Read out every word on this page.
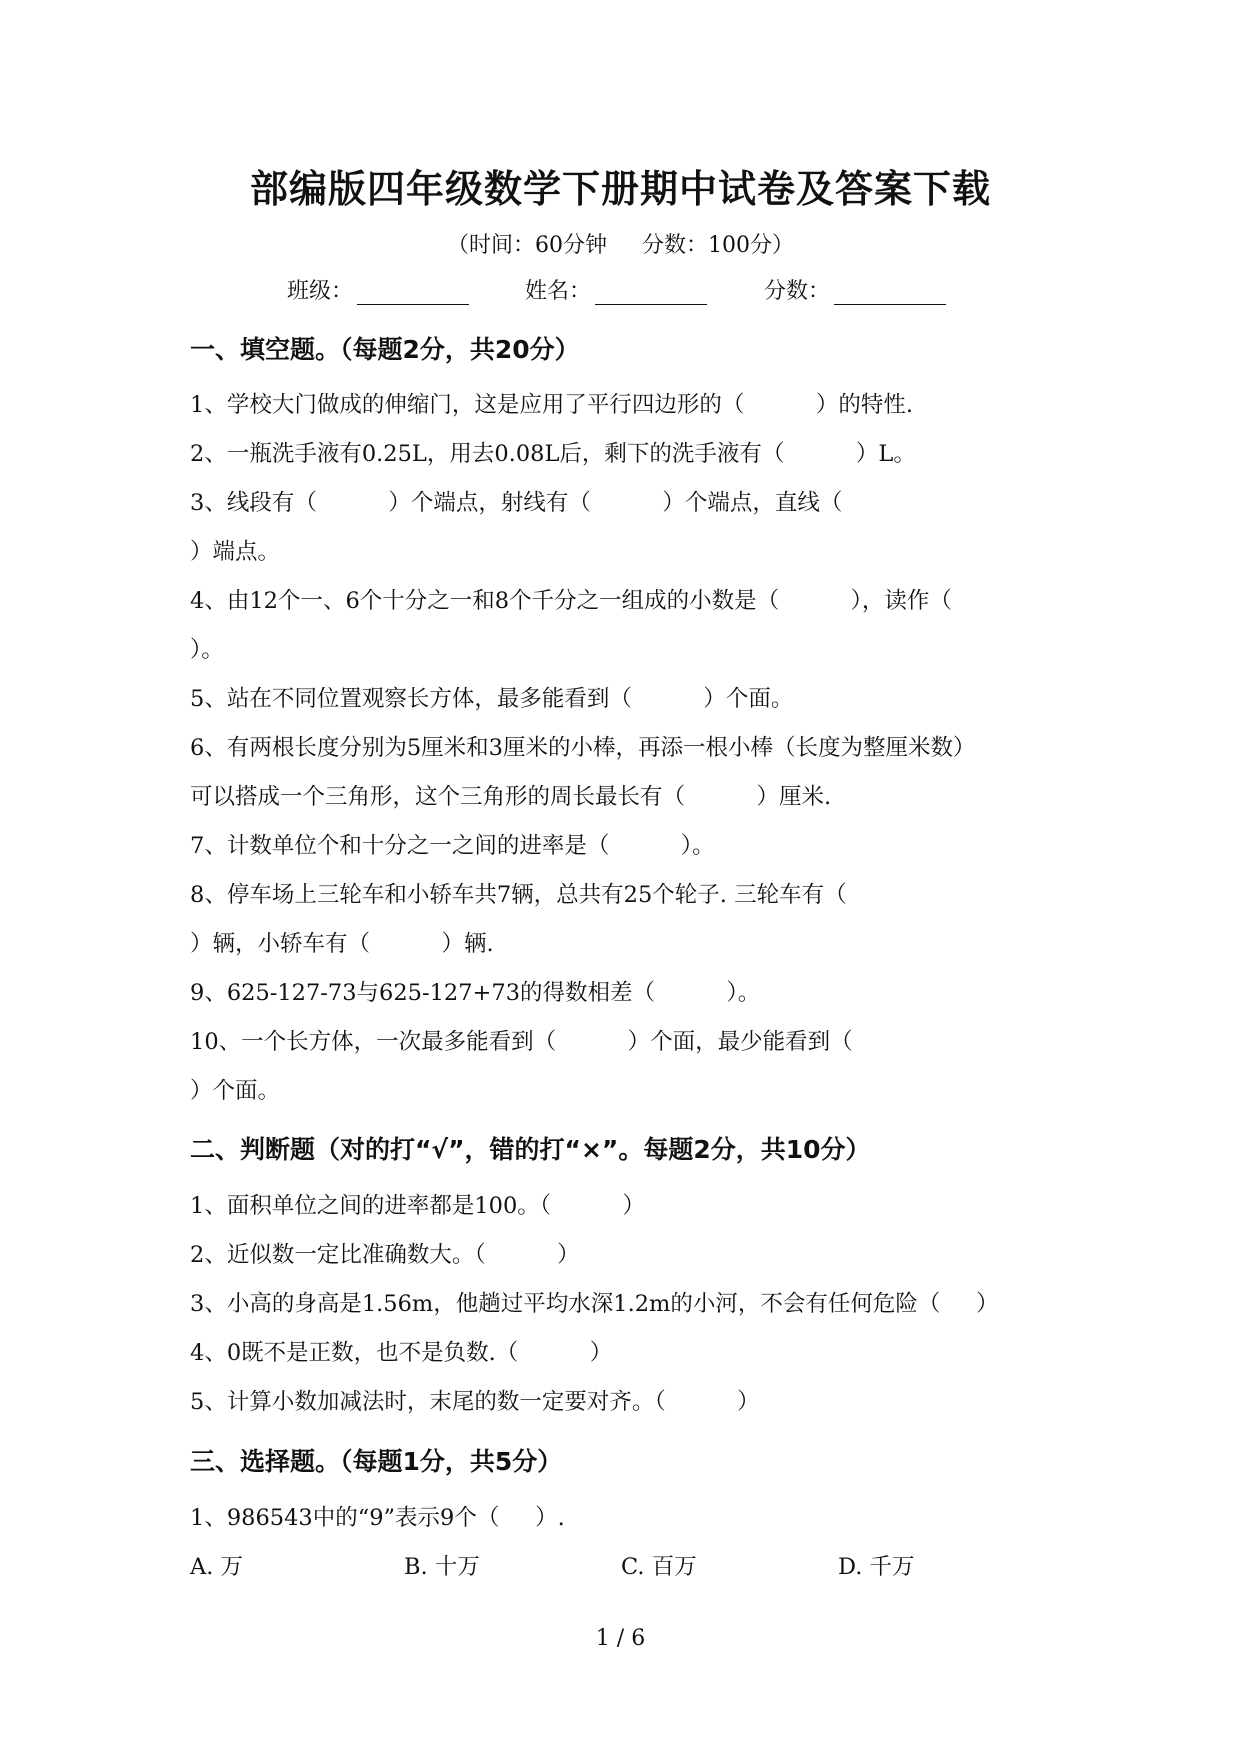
部编版四年级数学下册期中试卷及答案下载
（时间：60分钟     分数：100分）
班级：	姓名：	分数：
一、填空题。（每题2分，共20分）
1、学校大门做成的伸缩门，这是应用了平行四边形的（          ）的特性.
2、一瓶洗手液有0.25L，用去0.08L后，剩下的洗手液有（          ）L。
3、线段有（          ）个端点，射线有（          ）个端点，直线（
）端点。
4、由12个一、6个十分之一和8个千分之一组成的小数是（          ），读作（
）。
5、站在不同位置观察长方体，最多能看到（          ）个面。
6、有两根长度分别为5厘米和3厘米的小棒，再添一根小棒（长度为整厘米数）
可以搭成一个三角形，这个三角形的周长最长有（          ）厘米.
7、计数单位个和十分之一之间的进率是（          ）。
8、停车场上三轮车和小轿车共7辆，总共有25个轮子. 三轮车有（
）辆，小轿车有（          ）辆.
9、625-127-73与625-127+73的得数相差（          ）。
10、一个长方体，一次最多能看到（          ）个面，最少能看到（
）个面。
二、判断题（对的打“√”，错的打“×”。每题2分，共10分）
1、面积单位之间的进率都是100。（          ）
2、近似数一定比准确数大。（          ）
3、小高的身高是1.56m，他趟过平均水深1.2m的小河，不会有任何危险（     ）
4、0既不是正数，也不是负数.（          ）
5、计算小数加减法时，末尾的数一定要对齐。（          ）
三、选择题。（每题1分，共5分）
1、986543中的“9”表示9个（     ）.
A. 万	B. 十万	C. 百万	D. 千万
1 / 6
